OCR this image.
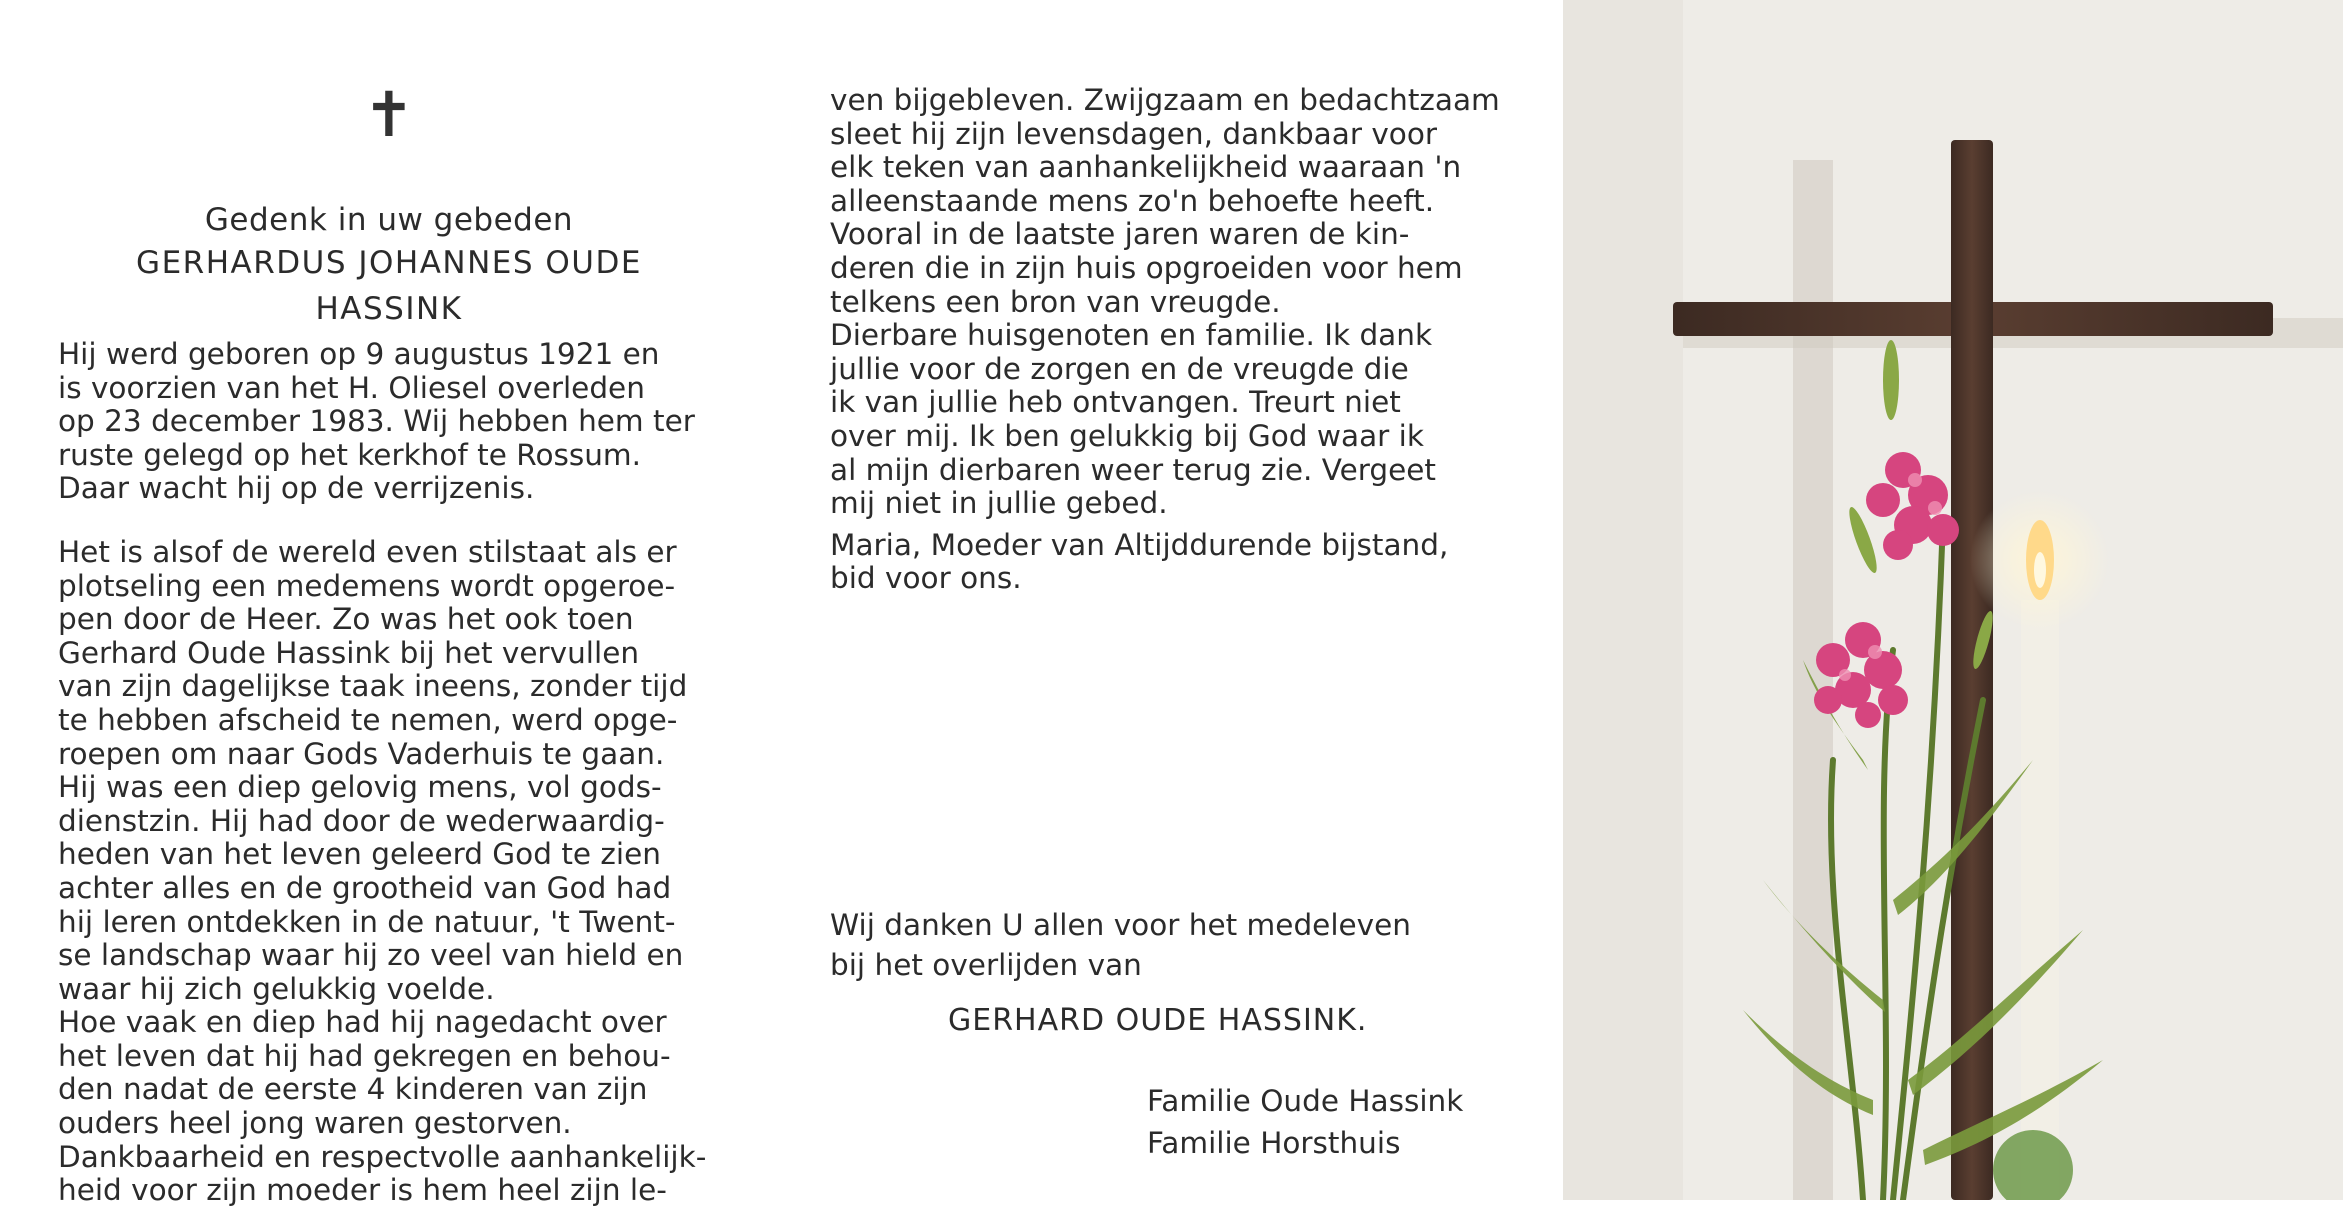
✝
Gedenk in uw gebeden
GERHARDUS JOHANNES OUDE HASSINK

Hij werd geboren op 9 augustus 1921 en
is voorzien van het H. Oliesel overleden
op 23 december 1983. Wij hebben hem ter
ruste gelegd op het kerkhof te Rossum.
Daar wacht hij op de verrijzenis.

Het is alsof de wereld even stilstaat als er
plotseling een medemens wordt opgeroe-
pen door de Heer. Zo was het ook toen
Gerhard Oude Hassink bij het vervullen
van zijn dagelijkse taak ineens, zonder tijd
te hebben afscheid te nemen, werd opge-
roepen om naar Gods Vaderhuis te gaan.
Hij was een diep gelovig mens, vol gods-
dienstzin. Hij had door de wederwaardig-
heden van het leven geleerd God te zien
achter alles en de grootheid van God had
hij leren ontdekken in de natuur, 't Twent-
se landschap waar hij zo veel van hield en
waar hij zich gelukkig voelde.
Hoe vaak en diep had hij nagedacht over
het leven dat hij had gekregen en behou-
den nadat de eerste 4 kinderen van zijn
ouders heel jong waren gestorven.
Dankbaarheid en respectvolle aanhankelijk-
heid voor zijn moeder is hem heel zijn le-

ven bijgebleven. Zwijgzaam en bedachtzaam
sleet hij zijn levensdagen, dankbaar voor
elk teken van aanhankelijkheid waaraan 'n
alleenstaande mens zo'n behoefte heeft.
Vooral in de laatste jaren waren de kin-
deren die in zijn huis opgroeiden voor hem
telkens een bron van vreugde.
Dierbare huisgenoten en familie. Ik dank
jullie voor de zorgen en de vreugde die
ik van jullie heb ontvangen. Treurt niet
over mij. Ik ben gelukkig bij God waar ik
al mijn dierbaren weer terug zie. Vergeet
mij niet in jullie gebed.

Maria, Moeder van Altijddurende bijstand,
bid voor ons.

Wij danken U allen voor het medeleven
bij het overlijden van
GERHARD OUDE HASSINK.
Familie Oude Hassink
Familie Horsthuis
